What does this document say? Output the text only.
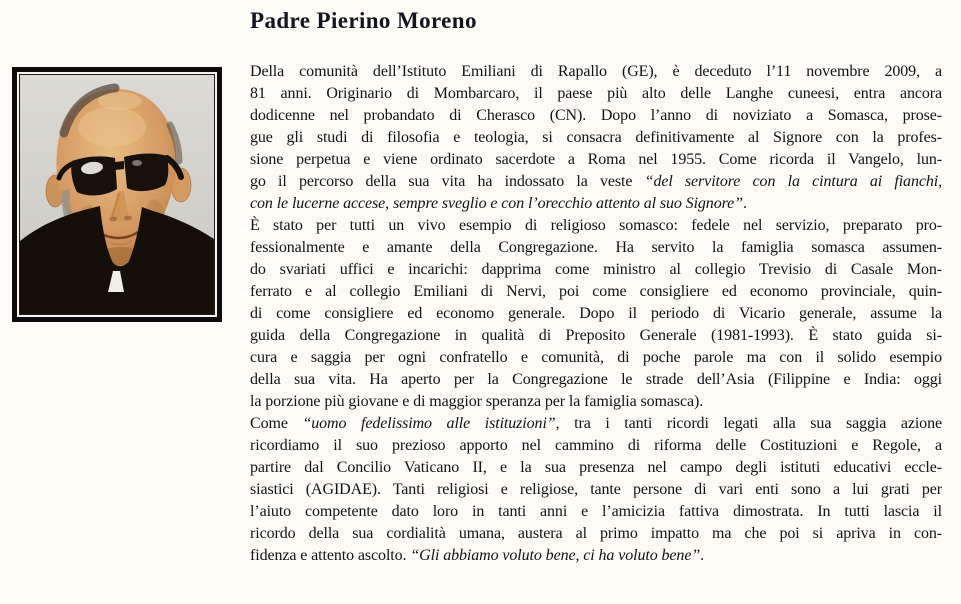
Padre Pierino Moreno
Della comunità dell’Istituto Emiliani di Rapallo (GE), è deceduto l’11 novembre 2009, a
81 anni. Originario di Mombarcaro, il paese più alto delle Langhe cuneesi, entra ancora
dodicenne nel probandato di Cherasco (CN). Dopo l’anno di noviziato a Somasca, prose-
gue gli studi di filosofia e teologia, si consacra definitivamente al Signore con la profes-
sione perpetua e viene ordinato sacerdote a Roma nel 1955. Come ricorda il Vangelo, lun-
go il percorso della sua vita ha indossato la veste “del servitore con la cintura ai fianchi,
con le lucerne accese, sempre sveglio e con l’orecchio attento al suo Signore”.
È stato per tutti un vivo esempio di religioso somasco: fedele nel servizio, preparato pro-
fessionalmente e amante della Congregazione. Ha servito la famiglia somasca assumen-
do svariati uffici e incarichi: dapprima come ministro al collegio Trevisio di Casale Mon-
ferrato e al collegio Emiliani di Nervi, poi come consigliere ed economo provinciale, quin-
di come consigliere ed economo generale. Dopo il periodo di Vicario generale, assume la
guida della Congregazione in qualità di Preposito Generale (1981-1993). È stato guida si-
cura e saggia per ogni confratello e comunità, di poche parole ma con il solido esempio
della sua vita. Ha aperto per la Congregazione le strade dell’Asia (Filippine e India: oggi
la porzione più giovane e di maggior speranza per la famiglia somasca).
Come “uomo fedelissimo alle istituzioni”, tra i tanti ricordi legati alla sua saggia azione
ricordiamo il suo prezioso apporto nel cammino di riforma delle Costituzioni e Regole, a
partire dal Concilio Vaticano II, e la sua presenza nel campo degli istituti educativi eccle-
siastici (AGIDAE). Tanti religiosi e religiose, tante persone di vari enti sono a lui grati per
l’aiuto competente dato loro in tanti anni e l’amicizia fattiva dimostrata. In tutti lascia il
ricordo della sua cordialità umana, austera al primo impatto ma che poi si apriva in con-
fidenza e attento ascolto. “Gli abbiamo voluto bene, ci ha voluto bene”.
